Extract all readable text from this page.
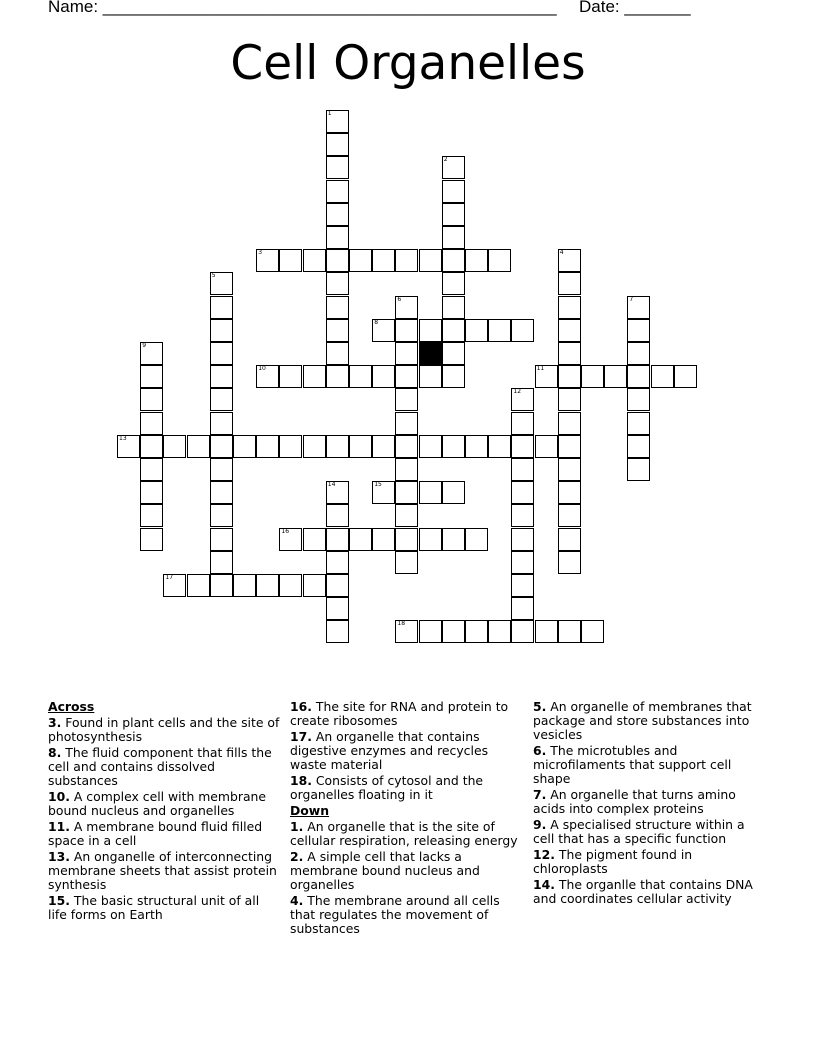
Name: ________________________________________________ Date: _______
Cell Organelles
1
2
3	4
5
6	7
8
9
10	11
12
13
14	15
16
17
18
Across
3. Found in plant cells and the site of photosynthesis
8. The fluid component that fills the cell and contains dissolved substances
10. A complex cell with membrane bound nucleus and organelles
11. A membrane bound fluid filled space in a cell
13. An onganelle of interconnecting membrane sheets that assist protein synthesis
15. The basic structural unit of all life forms on Earth
16. The site for RNA and protein to create ribosomes
17. An organelle that contains digestive enzymes and recycles waste material
18. Consists of cytosol and the organelles floating in it
Down
1. An organelle that is the site of cellular respiration, releasing energy
2. A simple cell that lacks a membrane bound nucleus and organelles
4. The membrane around all cells that regulates the movement of substances
5. An organelle of membranes that package and store substances into vesicles
6. The microtubles and microfilaments that support cell shape
7. An organelle that turns amino acids into complex proteins
9. A specialised structure within a cell that has a specific function
12. The pigment found in chloroplasts
14. The organlle that contains DNA and coordinates cellular activity
